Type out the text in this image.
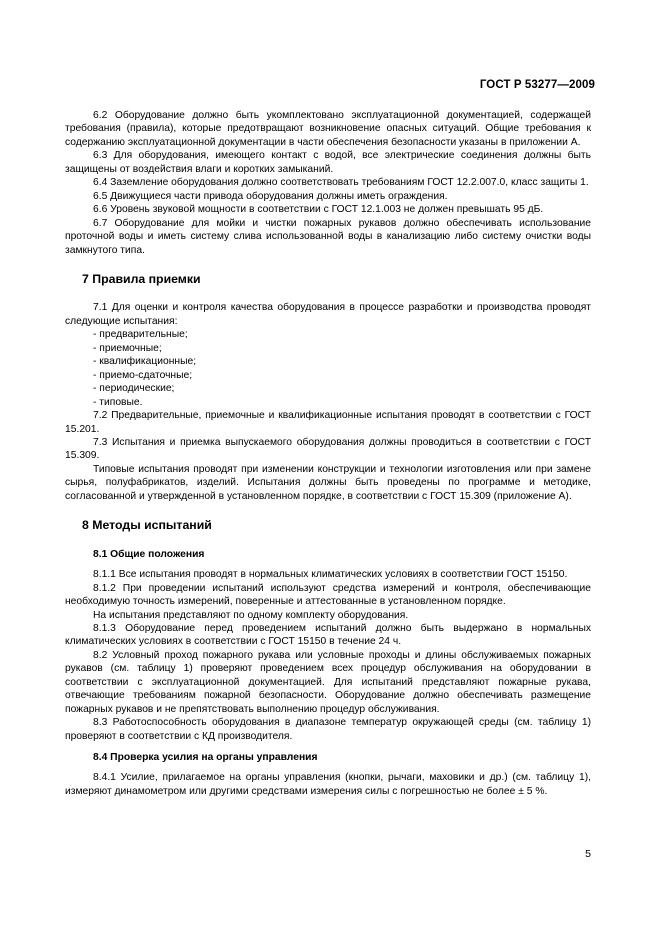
ГОСТ Р 53277—2009

6.2 Оборудование должно быть укомплектовано эксплуатационной документацией, содержащей требования (правила), которые предотвращают возникновение опасных ситуаций. Общие требования к содержанию эксплуатационной документации в части обеспечения безопасности указаны в приложении А.

6.3 Для оборудования, имеющего контакт с водой, все электрические соединения должны быть защищены от воздействия влаги и коротких замыканий.

6.4 Заземление оборудования должно соответствовать требованиям ГОСТ 12.2.007.0, класс защиты 1.

6.5 Движущиеся части привода оборудования должны иметь ограждения.

6.6 Уровень звуковой мощности в соответствии с ГОСТ 12.1.003 не должен превышать 95 дБ.

6.7 Оборудование для мойки и чистки пожарных рукавов должно обеспечивать использование проточной воды и иметь систему слива использованной воды в канализацию либо систему очистки воды замкнутого типа.

7 Правила приемки

7.1 Для оценки и контроля качества оборудования в процессе разработки и производства проводят следующие испытания:

- предварительные;

- приемочные;

- квалификационные;

- приемо-сдаточные;

- периодические;

- типовые.

7.2 Предварительные, приемочные и квалификационные испытания проводят в соответствии с ГОСТ 15.201.

7.3 Испытания и приемка выпускаемого оборудования должны проводиться в соответствии с ГОСТ 15.309.

Типовые испытания проводят при изменении конструкции и технологии изготовления или при замене сырья, полуфабрикатов, изделий. Испытания должны быть проведены по программе и методике, согласованной и утвержденной в установленном порядке, в соответствии с ГОСТ 15.309 (приложение А).

8 Методы испытаний
8.1 Общие положения

8.1.1 Все испытания проводят в нормальных климатических условиях в соответствии ГОСТ 15150.

8.1.2 При проведении испытаний используют средства измерений и контроля, обеспечивающие необходимую точность измерений, поверенные и аттестованные в установленном порядке.

На испытания представляют по одному комплекту оборудования.

8.1.3 Оборудование перед проведением испытаний должно быть выдержано в нормальных климатических условиях в соответствии с ГОСТ 15150 в течение 24 ч.

8.2 Условный проход пожарного рукава или условные проходы и длины обслуживаемых пожарных рукавов (см. таблицу 1) проверяют проведением всех процедур обслуживания на оборудовании в соответствии с эксплуатационной документацией. Для испытаний представляют пожарные рукава, отвечающие требованиям пожарной безопасности. Оборудование должно обеспечивать размещение пожарных рукавов и не препятствовать выполнению процедур обслуживания.

8.3 Работоспособность оборудования в диапазоне температур окружающей среды (см. таблицу 1) проверяют в соответствии с КД производителя.

8.4 Проверка усилия на органы управления

8.4.1 Усилие, прилагаемое на органы управления (кнопки, рычаги, маховики и др.) (см. таблицу 1), измеряют динамометром или другими средствами измерения силы с погрешностью не более ± 5 %.

5
